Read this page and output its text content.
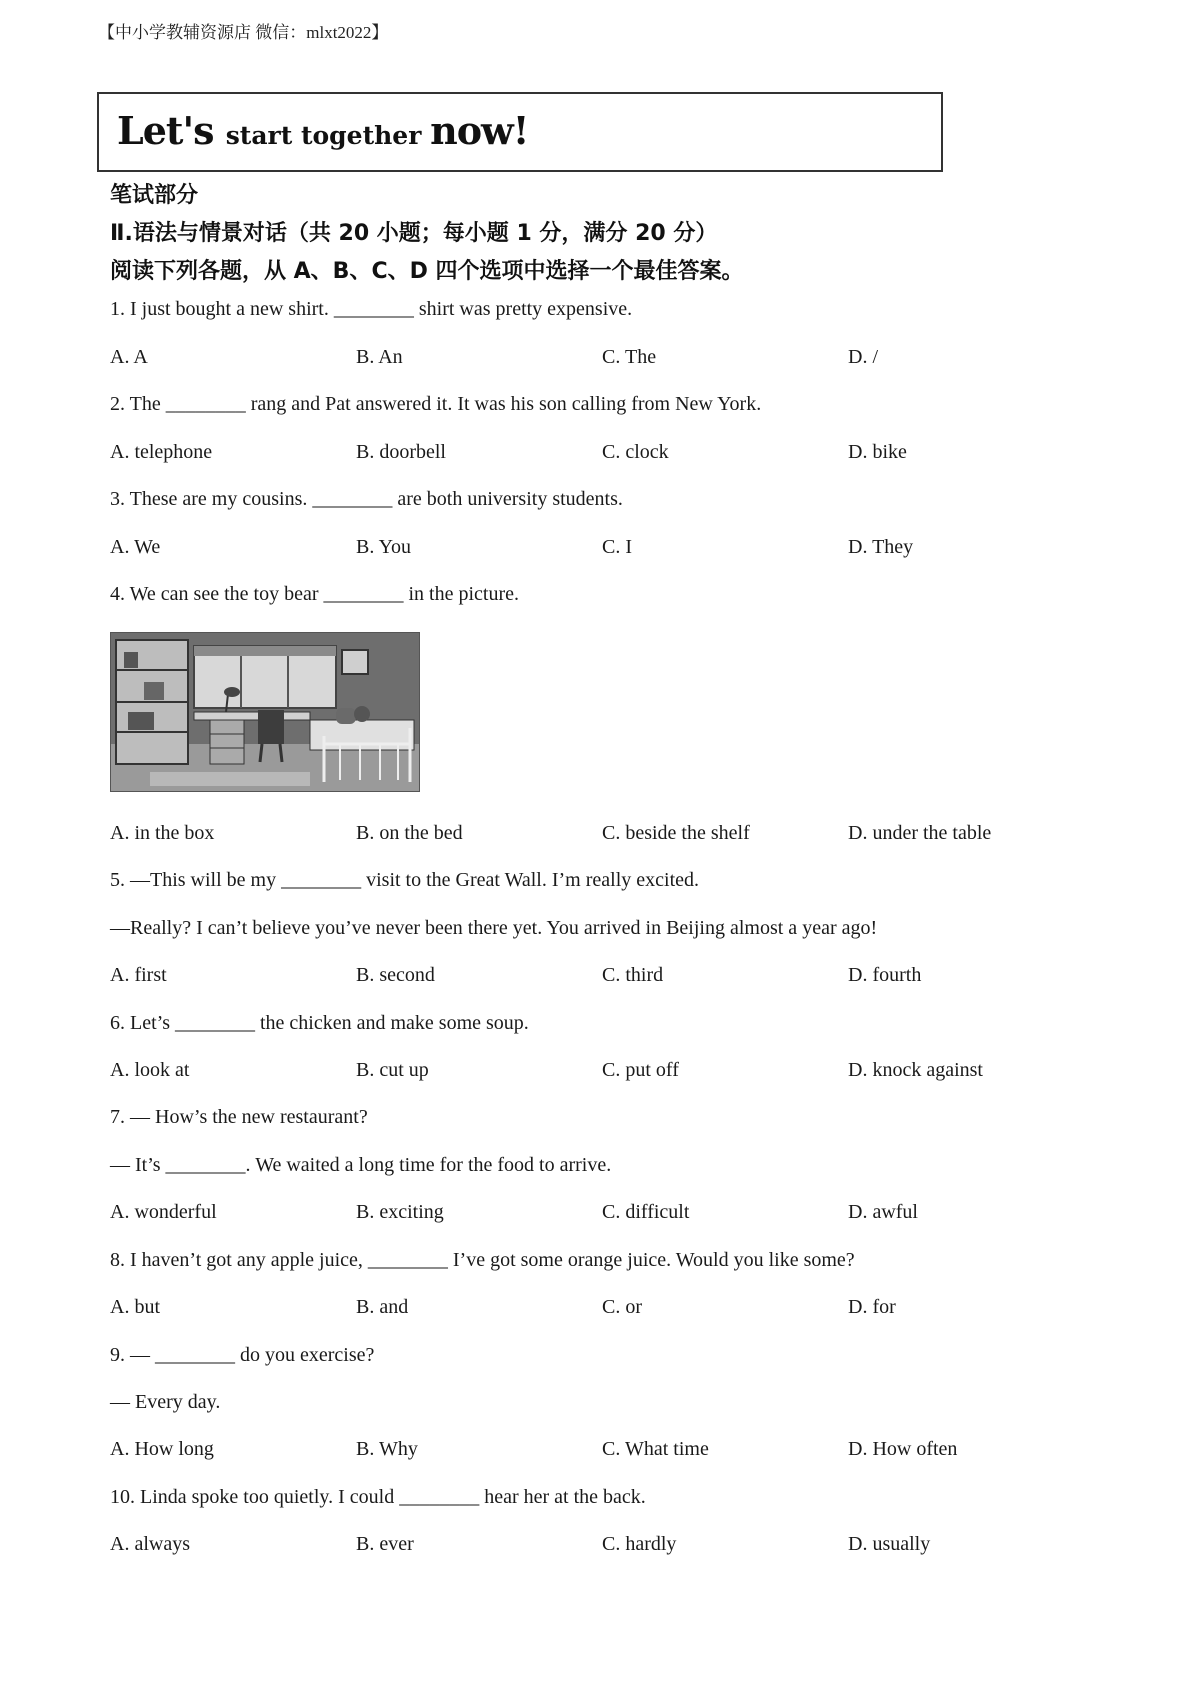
【中小学教辅资源店 微信：mlxt2022】
Let's start together now!
笔试部分
Ⅱ.语法与情景对话（共 20 小题；每小题 1 分，满分 20 分）
阅读下列各题，从 A、B、C、D 四个选项中选择一个最佳答案。
1. I just bought a new shirt. ________ shirt was pretty expensive.
A. A	B. An	C. The	D. /
2. The ________ rang and Pat answered it. It was his son calling from New York.
A. telephone	B. doorbell	C. clock	D. bike
3. These are my cousins. ________ are both university students.
A. We	B. You	C. I	D. They
4. We can see the toy bear ________ in the picture.
A. in the box	B. on the bed	C. beside the shelf	D. under the table
5. —This will be my ________ visit to the Great Wall. I’m really excited.
—Really? I can’t believe you’ve never been there yet. You arrived in Beijing almost a year ago!
A. first	B. second	C. third	D. fourth
6. Let’s ________ the chicken and make some soup.
A. look at	B. cut up	C. put off	D. knock against
7. — How’s the new restaurant?
— It’s ________. We waited a long time for the food to arrive.
A. wonderful	B. exciting	C. difficult	D. awful
8. I haven’t got any apple juice, ________ I’ve got some orange juice. Would you like some?
A. but	B. and	C. or	D. for
9. — ________ do you exercise?
— Every day.
A. How long	B. Why	C. What time	D. How often
10. Linda spoke too quietly. I could ________ hear her at the back.
A. always	B. ever	C. hardly	D. usually
